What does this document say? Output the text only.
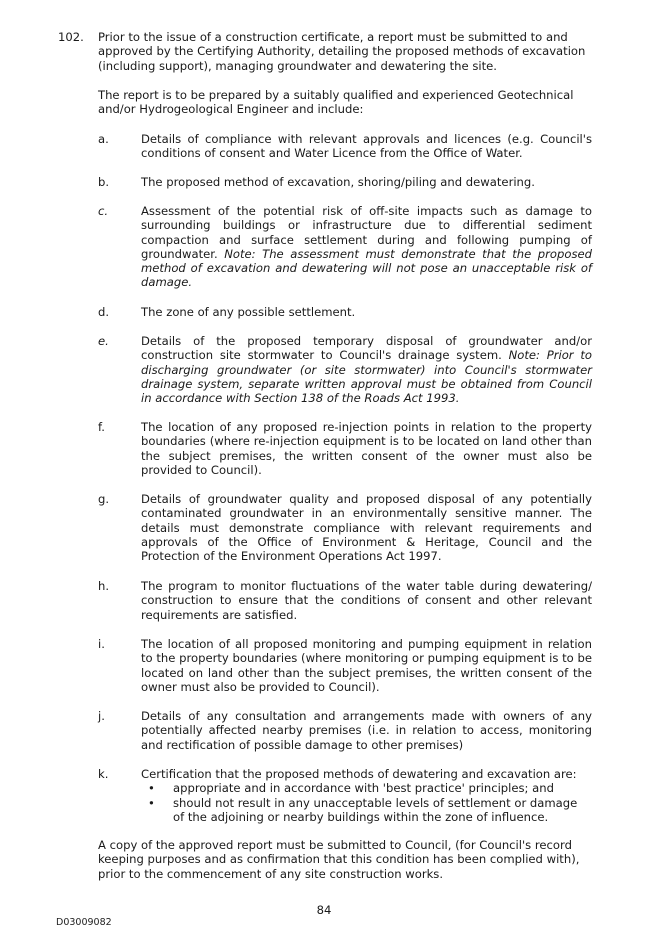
102. Prior to the issue of a construction certificate, a report must be submitted to and approved by the Certifying Authority, detailing the proposed methods of excavation (including support), managing groundwater and dewatering the site.
The report is to be prepared by a suitably qualified and experienced Geotechnical and/or Hydrogeological Engineer and include:
a.	Details of compliance with relevant approvals and licences (e.g. Council's conditions of consent and Water Licence from the Office of Water.
b.	The proposed method of excavation, shoring/piling and dewatering.
c.	Assessment of the potential risk of off-site impacts such as damage to surrounding buildings or infrastructure due to differential sediment compaction and surface settlement during and following pumping of groundwater. Note: The assessment must demonstrate that the proposed method of excavation and dewatering will not pose an unacceptable risk of damage.
d.	The zone of any possible settlement.
e.	Details of the proposed temporary disposal of groundwater and/or construction site stormwater to Council's drainage system. Note: Prior to discharging groundwater (or site stormwater) into Council's stormwater drainage system, separate written approval must be obtained from Council in accordance with Section 138 of the Roads Act 1993.
f.	The location of any proposed re-injection points in relation to the property boundaries (where re-injection equipment is to be located on land other than the subject premises, the written consent of the owner must also be provided to Council).
g.	Details of groundwater quality and proposed disposal of any potentially contaminated groundwater in an environmentally sensitive manner. The details must demonstrate compliance with relevant requirements and approvals of the Office of Environment & Heritage, Council and the Protection of the Environment Operations Act 1997.
h.	The program to monitor fluctuations of the water table during dewatering/ construction to ensure that the conditions of consent and other relevant requirements are satisfied.
i.	The location of all proposed monitoring and pumping equipment in relation to the property boundaries (where monitoring or pumping equipment is to be located on land other than the subject premises, the written consent of the owner must also be provided to Council).
j.	Details of any consultation and arrangements made with owners of any potentially affected nearby premises (i.e. in relation to access, monitoring and rectification of possible damage to other premises)
k.	Certification that the proposed methods of dewatering and excavation are:
• appropriate and in accordance with 'best practice' principles; and
• should not result in any unacceptable levels of settlement or damage of the adjoining or nearby buildings within the zone of influence.
A copy of the approved report must be submitted to Council, (for Council's record keeping purposes and as confirmation that this condition has been complied with), prior to the commencement of any site construction works.
84
D03009082
